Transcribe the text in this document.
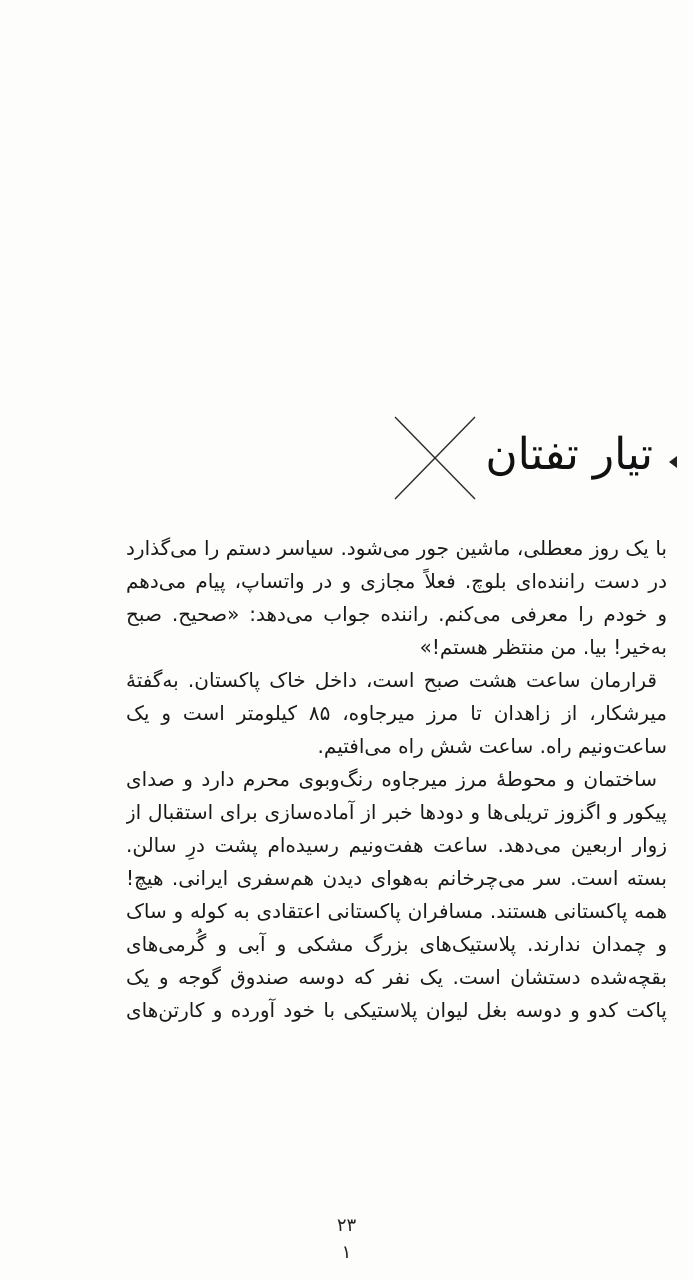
تیار تفتان
با یک روز معطلی، ماشین جور می‌شود. سیاسر دستم را می‌گذارد
در دست راننده‌ای بلوچ. فعلاً مجازی و در واتساپ، پیام می‌دهم
و خودم را معرفی می‌کنم. راننده جواب می‌دهد: «صحیح. صبح
به‌خیر! بیا. من منتظر هستم!»
قرارمان ساعت هشت صبح است، داخل خاک پاکستان. به‌گفتهٔ
میرشکار، از زاهدان تا مرز میرجاوه، ۸۵ کیلومتر است و یک
ساعت‌ونیم راه. ساعت شش راه می‌افتیم.
ساختمان و محوطهٔ مرز میرجاوه رنگ‌وبوی محرم دارد و صدای
پیکور و اگزوز تریلی‌ها و دودها خبر از آماده‌سازی برای استقبال از
زوار اربعین می‌دهد. ساعت هفت‌ونیم رسیده‌ام پشت درِ سالن.
بسته است. سر می‌چرخانم به‌هوای دیدن هم‌سفری ایرانی. هیچ!
همه پاکستانی هستند. مسافران پاکستانی اعتقادی به کوله و ساک
و چمدان ندارند. پلاستیک‌های بزرگ مشکی و آبی و گُرمی‌های
بقچه‌شده دستشان است. یک نفر که دوسه صندوق گوجه و یک
پاکت کدو و دوسه بغل لیوان پلاستیکی با خود آورده و کارتن‌های
۲۳
١
